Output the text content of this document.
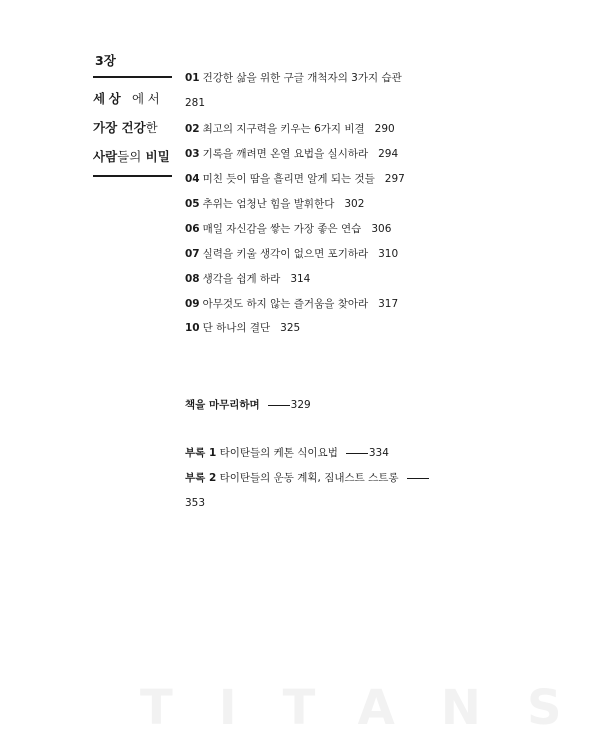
3장
세상 에서
가장 건강한
사람들의 비밀
01 건강한 삶을 위한 구글 개척자의 3가지 습관
281
02 최고의 지구력을 키우는 6가지 비결 290
03 기록을 깨려면 온열 요법을 실시하라 294
04 미친 듯이 땀을 흘리면 알게 되는 것들 297
05 추위는 엄청난 힘을 발휘한다 302
06 매일 자신감을 쌓는 가장 좋은 연습 306
07 실력을 키울 생각이 없으면 포기하라 310
08 생각을 쉽게 하라 314
09 아무것도 하지 않는 즐거움을 찾아라 317
10 단 하나의 결단 325
책을 마무리하며	329
부록 1 타이탄들의 케톤 식이요법	334
부록 2 타이탄들의 운동 계획, 짐내스트 스트롱
353
TITANS
